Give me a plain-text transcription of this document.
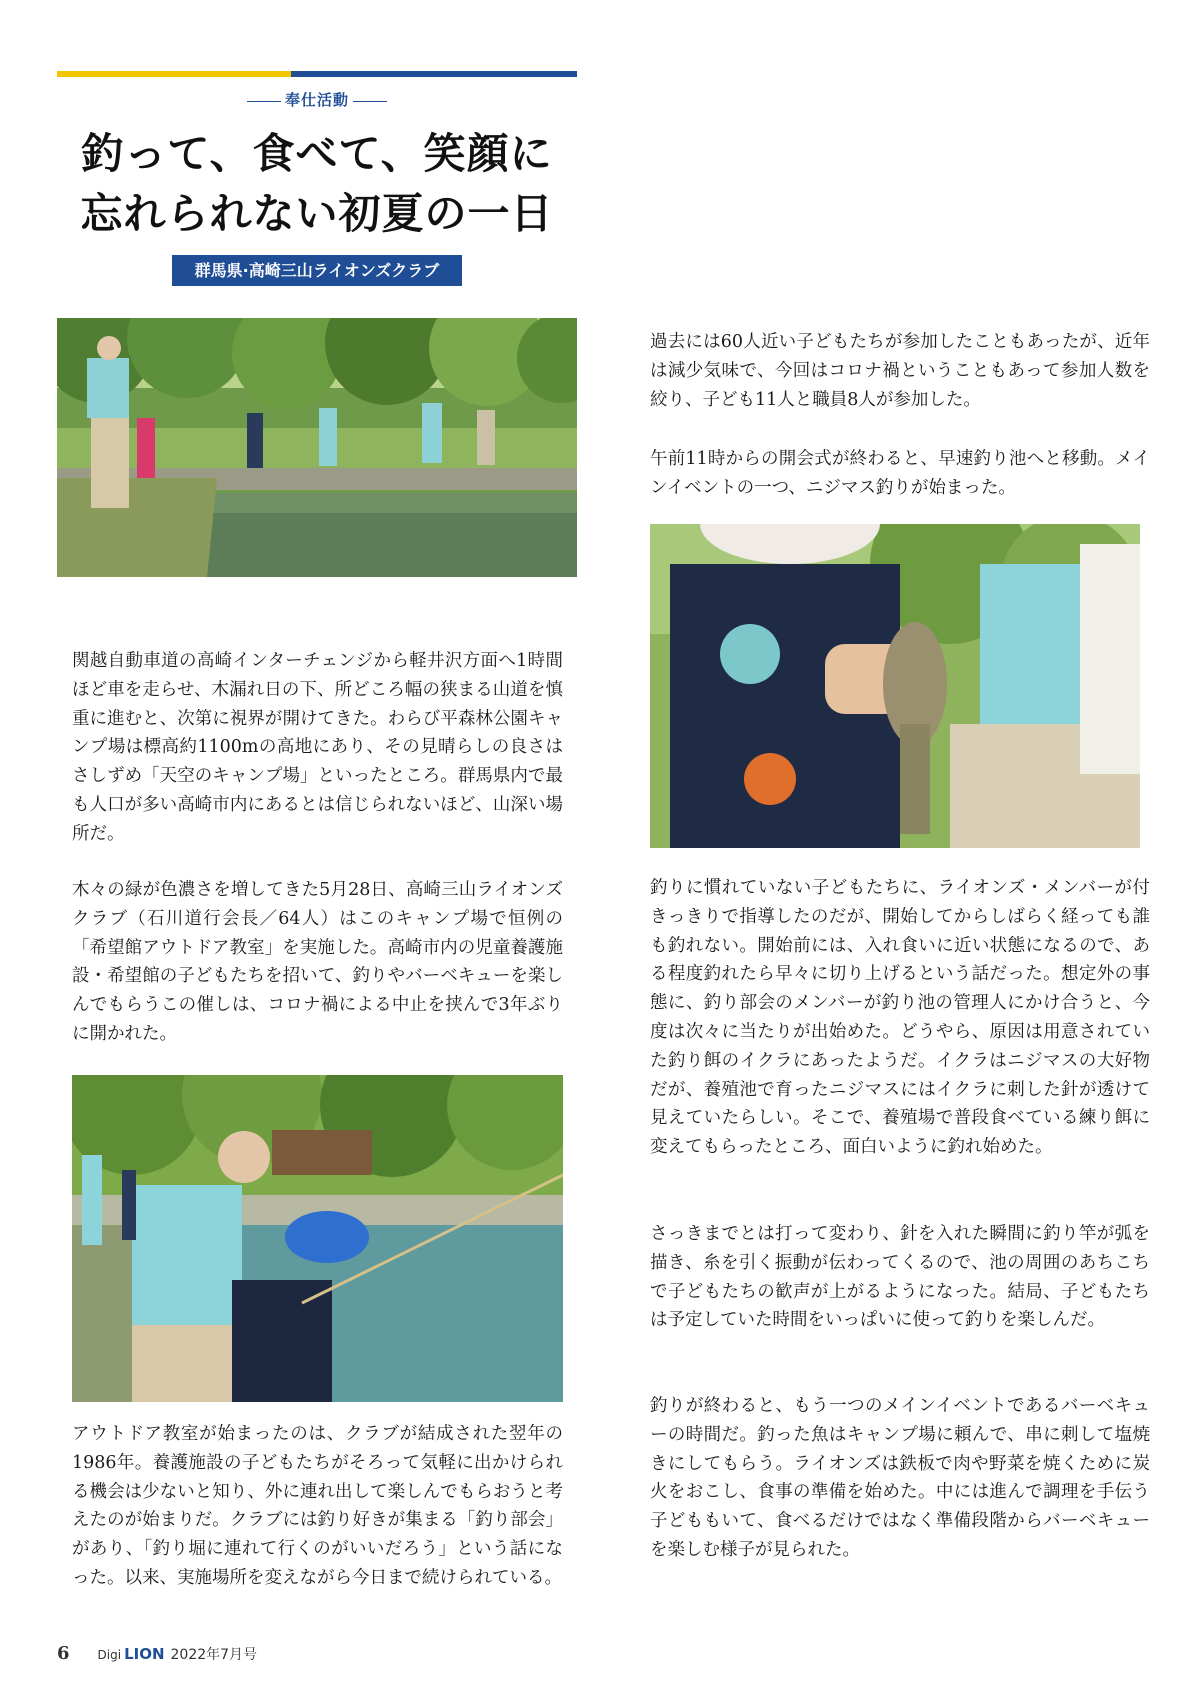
奉仕活動
釣って、食べて、笑顔に
忘れられない初夏の一日
群馬県·高崎三山ライオンズクラブ

過去には60人近い子どもたちが参加したこともあったが、近年は減少気味で、今回はコロナ禍ということもあって参加人数を絞り、子ども11人と職員8人が参加した。

午前11時からの開会式が終わると、早速釣り池へと移動。メインイベントの一つ、ニジマス釣りが始まった。

釣りに慣れていない子どもたちに、ライオンズ・メンバーが付きっきりで指導したのだが、開始してからしばらく経っても誰も釣れない。開始前には、入れ食いに近い状態になるので、ある程度釣れたら早々に切り上げるという話だった。想定外の事態に、釣り部会のメンバーが釣り池の管理人にかけ合うと、今度は次々に当たりが出始めた。どうやら、原因は用意されていた釣り餌のイクラにあったようだ。イクラはニジマスの大好物だが、養殖池で育ったニジマスにはイクラに刺した針が透けて見えていたらしい。そこで、養殖場で普段食べている練り餌に変えてもらったところ、面白いように釣れ始めた。

さっきまでとは打って変わり、針を入れた瞬間に釣り竿が弧を描き、糸を引く振動が伝わってくるので、池の周囲のあちこちで子どもたちの歓声が上がるようになった。結局、子どもたちは予定していた時間をいっぱいに使って釣りを楽しんだ。

釣りが終わると、もう一つのメインイベントであるバーベキューの時間だ。釣った魚はキャンプ場に頼んで、串に刺して塩焼きにしてもらう。ライオンズは鉄板で肉や野菜を焼くために炭火をおこし、食事の準備を始めた。中には進んで調理を手伝う子どももいて、食べるだけではなく準備段階からバーベキューを楽しむ様子が見られた。

関越自動車道の高崎インターチェンジから軽井沢方面へ1時間ほど車を走らせ、木漏れ日の下、所どころ幅の狭まる山道を慎重に進むと、次第に視界が開けてきた。わらび平森林公園キャンプ場は標高約1100mの高地にあり、その見晴らしの良さはさしずめ「天空のキャンプ場」といったところ。群馬県内で最も人口が多い高崎市内にあるとは信じられないほど、山深い場所だ。

木々の緑が色濃さを増してきた5月28日、高崎三山ライオンズクラブ（石川道行会長／64人）はこのキャンプ場で恒例の「希望館アウトドア教室」を実施した。高崎市内の児童養護施設・希望館の子どもたちを招いて、釣りやバーベキューを楽しんでもらうこの催しは、コロナ禍による中止を挟んで3年ぶりに開かれた。

アウトドア教室が始まったのは、クラブが結成された翌年の1986年。養護施設の子どもたちがそろって気軽に出かけられる機会は少ないと知り、外に連れ出して楽しんでもらおうと考えたのが始まりだ。クラブには釣り好きが集まる「釣り部会」があり、「釣り堀に連れて行くのがいいだろう」という話になった。以来、実施場所を変えながら今日まで続けられている。

6 Digi LION 2022年7月号
